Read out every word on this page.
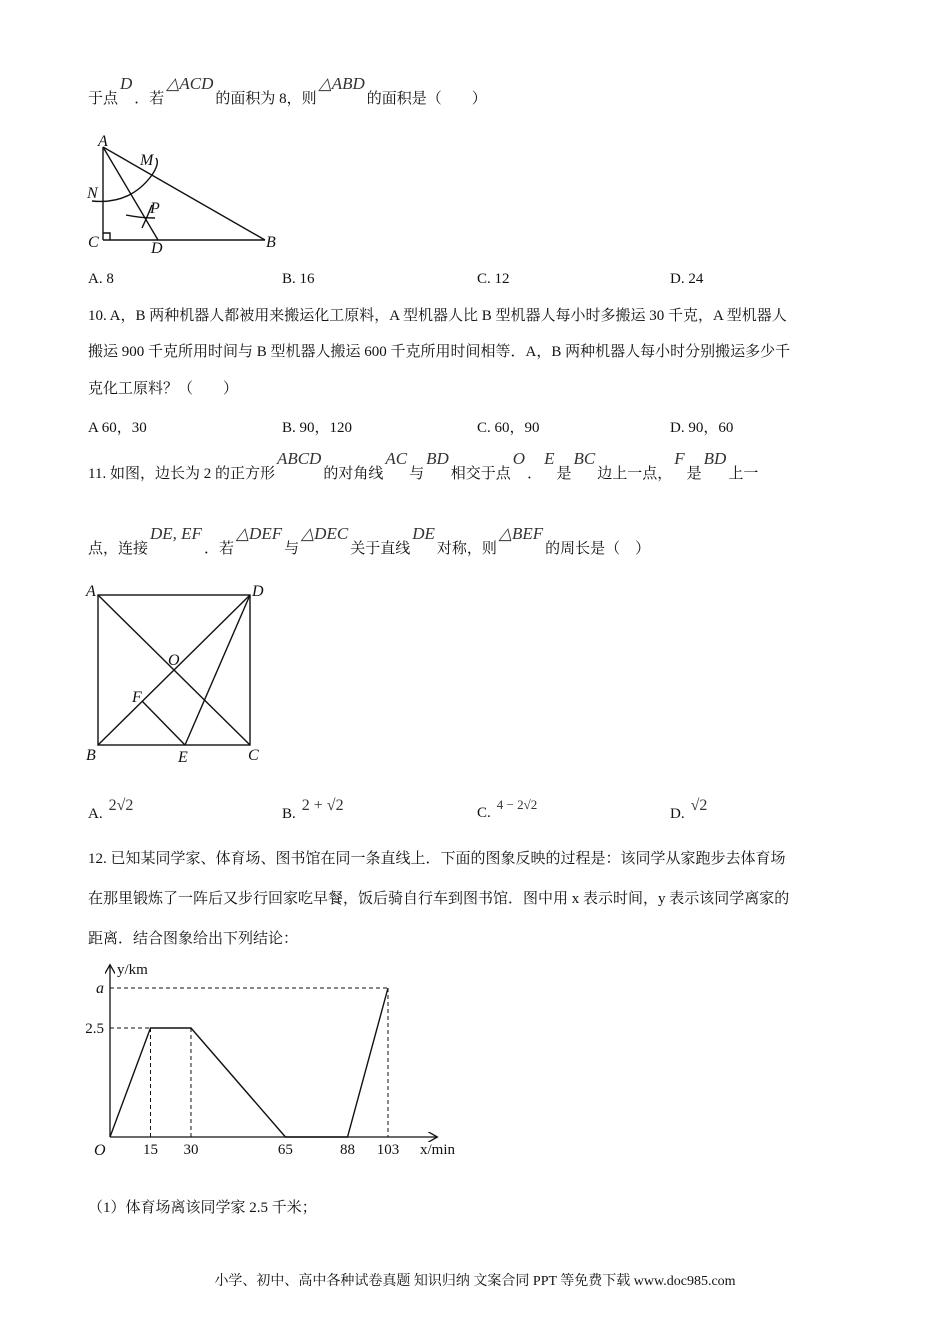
于点D．若△ACD的面积为 8，则△ABD的面积是（　　）
A
M
N
P
C	D	B
A. 8	B. 16	C. 12	D. 24
10. A，B 两种机器人都被用来搬运化工原料，A 型机器人比 B 型机器人每小时多搬运 30 千克，A 型机器人
搬运 900 千克所用时间与 B 型机器人搬运 600 千克所用时间相等．A，B 两种机器人每小时分别搬运多少千
克化工原料？（　　）
A 60，30	B. 90，120	C. 60，90	D. 90，60
11. 如图，边长为 2 的正方形ABCD的对角线AC与BD相交于点O．E是BC边上一点，F是BD上一
点，连接DE, EF．若△DEF与△DEC关于直线DE对称，则△BEF的周长是（　）
A	D
O
F
B	E	C
A. 2√2	B. 2 + √2	C.4 − 2√2
D. √2
12. 已知某同学家、体育场、图书馆在同一条直线上．下面的图象反映的过程是：该同学从家跑步去体育场
在那里锻炼了一阵后又步行回家吃早餐，饭后骑自行车到图书馆．图中用 x 表示时间，y 表示该同学离家的
距离．结合图象给出下列结论：
y/km
x/min
O 15 30	65	88 103
2.5
a
（1）体育场离该同学家 2.5 千米；
小学、初中、高中各种试卷真题 知识归纳 文案合同 PPT 等免费下载 www.doc985.com
